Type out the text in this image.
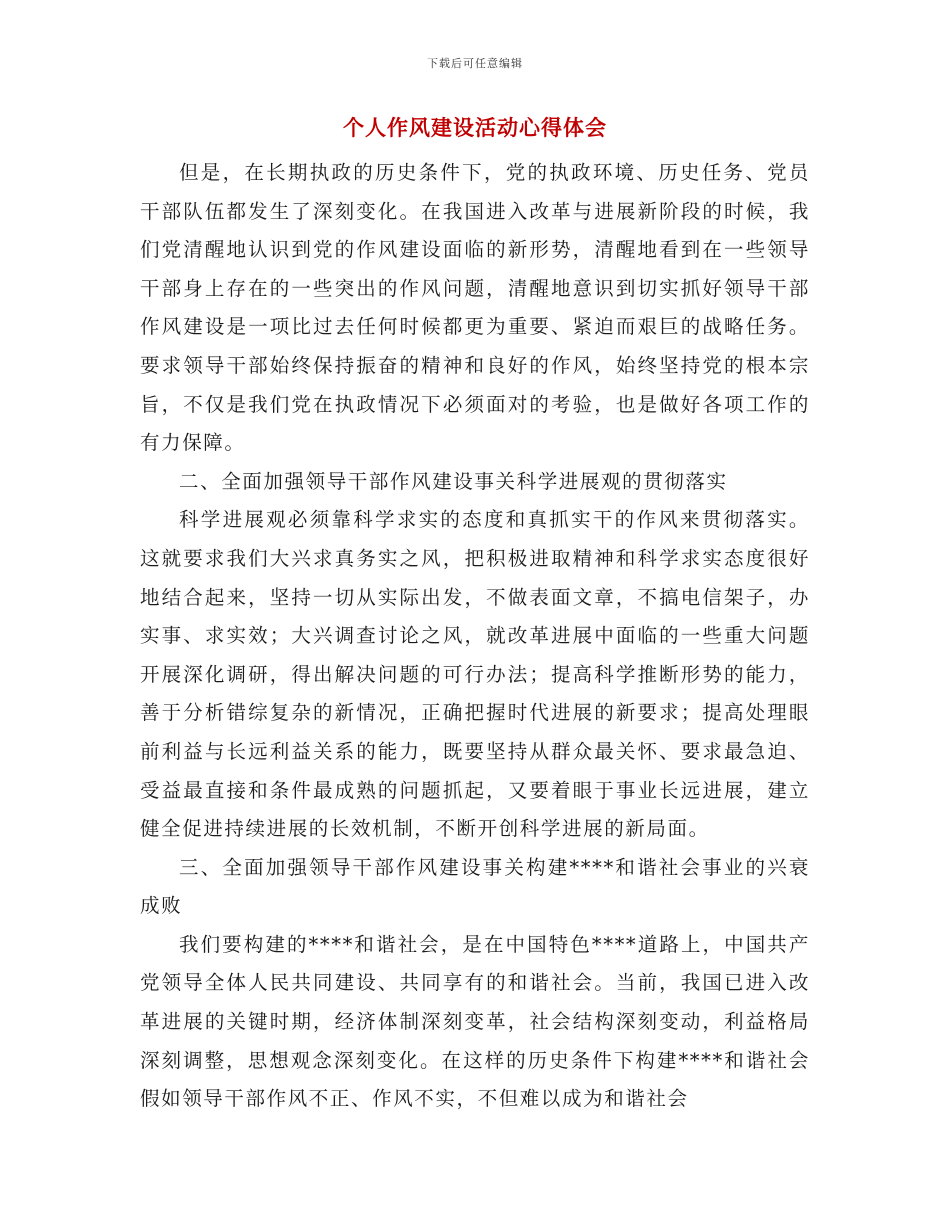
下载后可任意编辑
个人作风建设活动心得体会

但是，在长期执政的历史条件下，党的执政环境、历史任务、党员干部队伍都发生了深刻变化。在我国进入改革与进展新阶段的时候，我们党清醒地认识到党的作风建设面临的新形势，清醒地看到在一些领导干部身上存在的一些突出的作风问题，清醒地意识到切实抓好领导干部作风建设是一项比过去任何时候都更为重要、紧迫而艰巨的战略任务。要求领导干部始终保持振奋的精神和良好的作风，始终坚持党的根本宗旨，不仅是我们党在执政情况下必须面对的考验，也是做好各项工作的有力保障。

二、全面加强领导干部作风建设事关科学进展观的贯彻落实

科学进展观必须靠科学求实的态度和真抓实干的作风来贯彻落实。这就要求我们大兴求真务实之风，把积极进取精神和科学求实态度很好地结合起来，坚持一切从实际出发，不做表面文章，不搞电信架子，办实事、求实效；大兴调查讨论之风，就改革进展中面临的一些重大问题开展深化调研，得出解决问题的可行办法；提高科学推断形势的能力，善于分析错综复杂的新情况，正确把握时代进展的新要求；提高处理眼前利益与长远利益关系的能力，既要坚持从群众最关怀、要求最急迫、受益最直接和条件最成熟的问题抓起，又要着眼于事业长远进展，建立健全促进持续进展的长效机制，不断开创科学进展的新局面。

三、全面加强领导干部作风建设事关构建****和谐社会事业的兴衰成败

我们要构建的****和谐社会，是在中国特色****道路上，中国共产党领导全体人民共同建设、共同享有的和谐社会。当前，我国已进入改革进展的关键时期，经济体制深刻变革，社会结构深刻变动，利益格局深刻调整，思想观念深刻变化。在这样的历史条件下构建****和谐社会假如领导干部作风不正、作风不实，不但难以成为和谐社会
